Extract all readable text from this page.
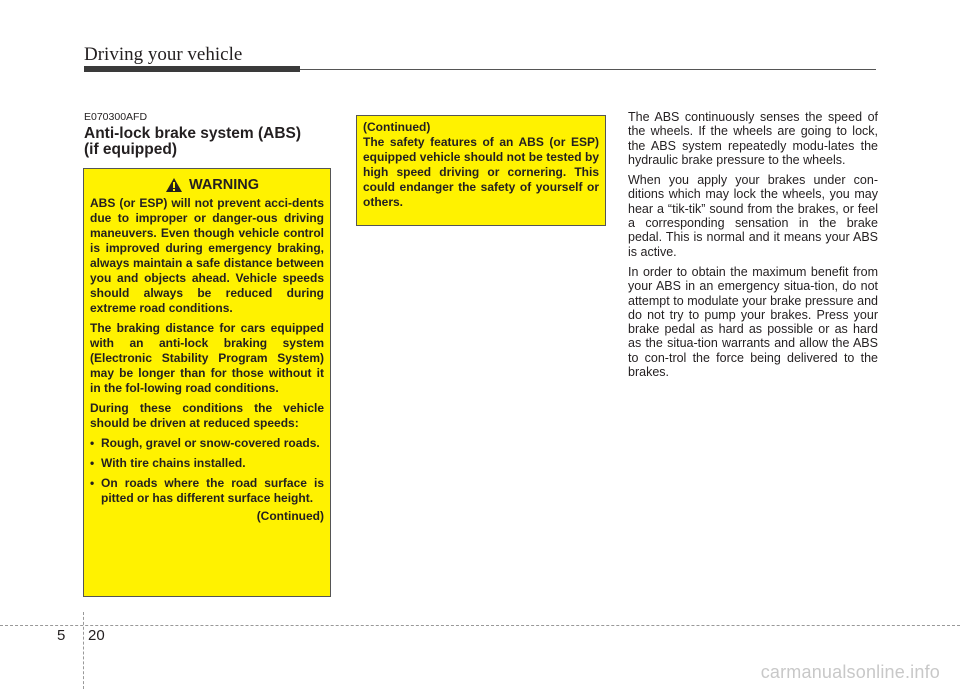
Driving your vehicle
E070300AFD
Anti-lock brake system (ABS)
(if equipped)
WARNING

ABS (or ESP) will not prevent acci-dents due to improper or danger-ous driving maneuvers. Even though vehicle control is improved during emergency braking, always maintain a safe distance between you and objects ahead. Vehicle speeds should always be reduced during extreme road conditions.

The braking distance for cars equipped with an anti-lock braking system (Electronic Stability Program System) may be longer than for those without it in the fol-lowing road conditions.

During these conditions the vehicle should be driven at reduced speeds:

• Rough, gravel or snow-covered roads.
• With tire chains installed.
• On roads where the road surface is pitted or has different surface height.
(Continued)

(Continued)

The safety features of an ABS (or ESP) equipped vehicle should not be tested by high speed driving or cornering. This could endanger the safety of yourself or others.

The ABS continuously senses the speed of the wheels. If the wheels are going to lock, the ABS system repeatedly modu-lates the hydraulic brake pressure to the wheels.

When you apply your brakes under con-ditions which may lock the wheels, you may hear a “tik-tik” sound from the brakes, or feel a corresponding sensation in the brake pedal. This is normal and it means your ABS is active.

In order to obtain the maximum benefit from your ABS in an emergency situa-tion, do not attempt to modulate your brake pressure and do not try to pump your brakes. Press your brake pedal as hard as possible or as hard as the situa-tion warrants and allow the ABS to con-trol the force being delivered to the brakes.

5 20
carmanualsonline.info
